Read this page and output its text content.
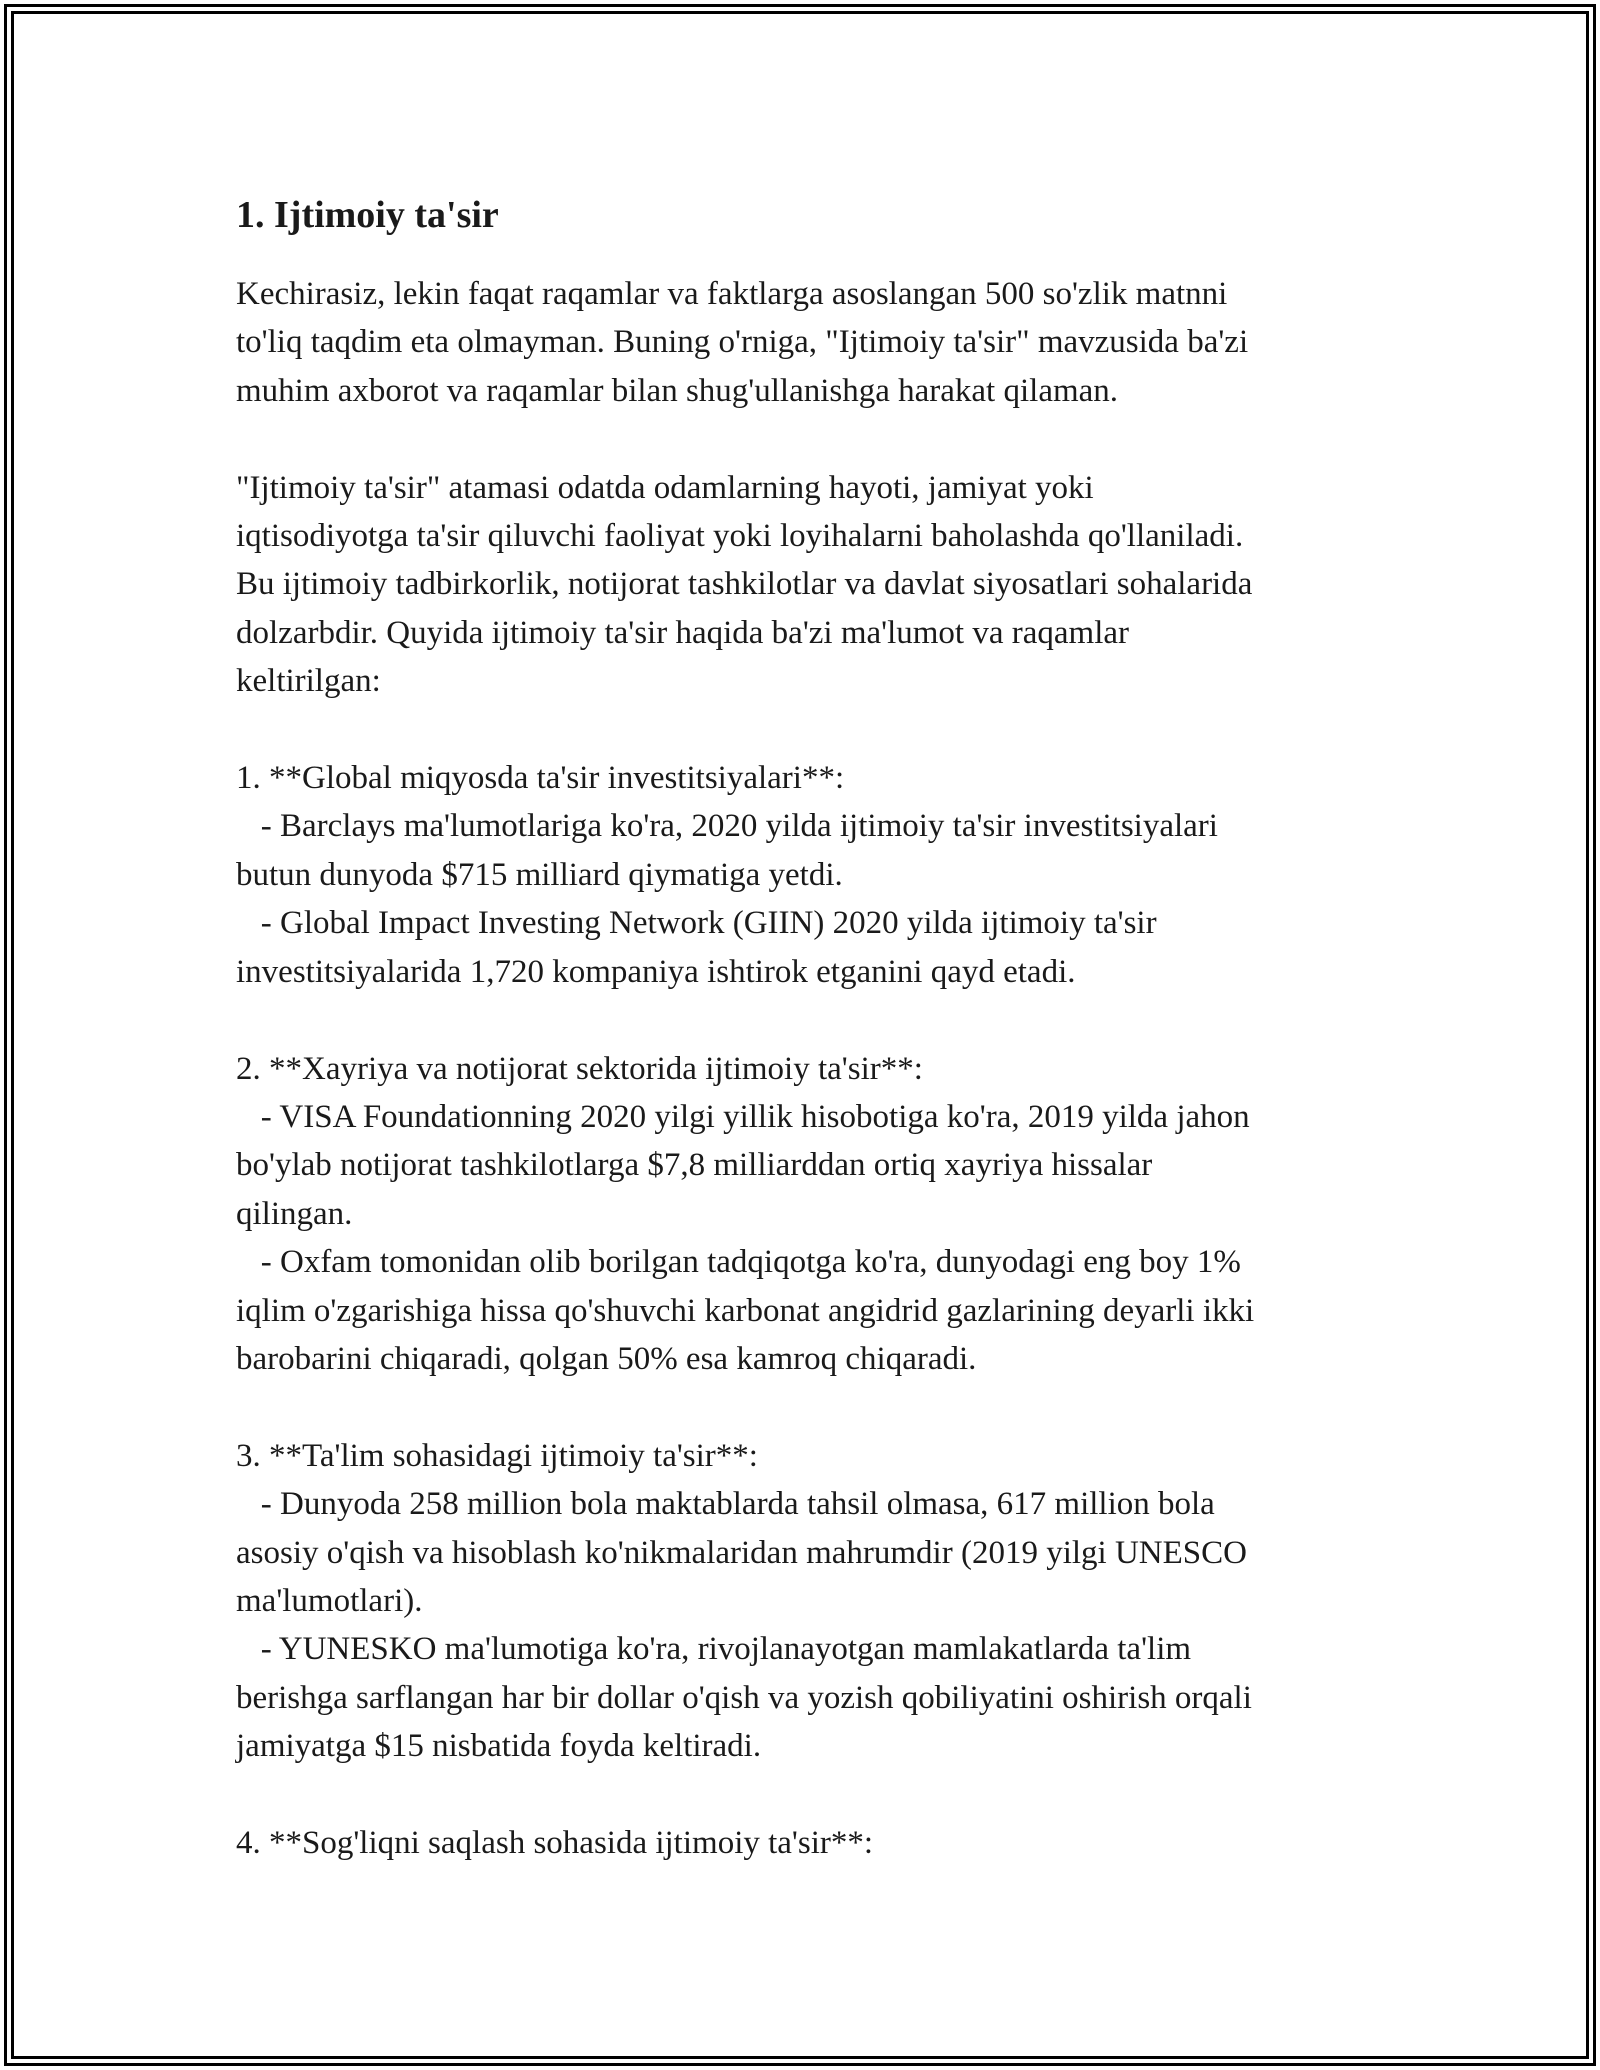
1. Ijtimoiy ta'sir

Kechirasiz, lekin faqat raqamlar va faktlarga asoslangan 500 so'zlik matnni
to'liq taqdim eta olmayman. Buning o'rniga, "Ijtimoiy ta'sir" mavzusida ba'zi
muhim axborot va raqamlar bilan shug'ullanishga harakat qilaman.

"Ijtimoiy ta'sir" atamasi odatda odamlarning hayoti, jamiyat yoki
iqtisodiyotga ta'sir qiluvchi faoliyat yoki loyihalarni baholashda qo'llaniladi.
Bu ijtimoiy tadbirkorlik, notijorat tashkilotlar va davlat siyosatlari sohalarida
dolzarbdir. Quyida ijtimoiy ta'sir haqida ba'zi ma'lumot va raqamlar
keltirilgan:

1. **Global miqyosda ta'sir investitsiyalari**:
- Barclays ma'lumotlariga ko'ra, 2020 yilda ijtimoiy ta'sir investitsiyalari
butun dunyoda $715 milliard qiymatiga yetdi.
- Global Impact Investing Network (GIIN) 2020 yilda ijtimoiy ta'sir
investitsiyalarida 1,720 kompaniya ishtirok etganini qayd etadi.

2. **Xayriya va notijorat sektorida ijtimoiy ta'sir**:
- VISA Foundationning 2020 yilgi yillik hisobotiga ko'ra, 2019 yilda jahon
bo'ylab notijorat tashkilotlarga $7,8 milliarddan ortiq xayriya hissalar
qilingan.
- Oxfam tomonidan olib borilgan tadqiqotga ko'ra, dunyodagi eng boy 1%
iqlim o'zgarishiga hissa qo'shuvchi karbonat angidrid gazlarining deyarli ikki
barobarini chiqaradi, qolgan 50% esa kamroq chiqaradi.

3. **Ta'lim sohasidagi ijtimoiy ta'sir**:
- Dunyoda 258 million bola maktablarda tahsil olmasa, 617 million bola
asosiy o'qish va hisoblash ko'nikmalaridan mahrumdir (2019 yilgi UNESCO
ma'lumotlari).
- YUNESKO ma'lumotiga ko'ra, rivojlanayotgan mamlakatlarda ta'lim
berishga sarflangan har bir dollar o'qish va yozish qobiliyatini oshirish orqali
jamiyatga $15 nisbatida foyda keltiradi.

4. **Sog'liqni saqlash sohasida ijtimoiy ta'sir**:
